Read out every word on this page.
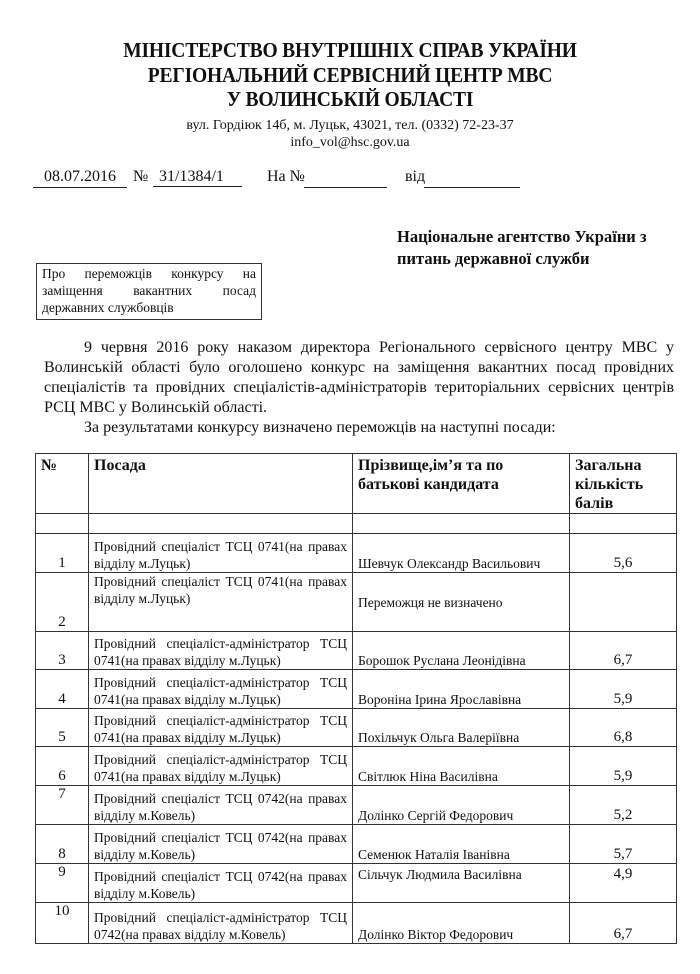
МІНІСТЕРСТВО ВНУТРІШНІХ СПРАВ УКРАЇНИ
РЕГІОНАЛЬНИЙ СЕРВІСНИЙ ЦЕНТР МВС
У ВОЛИНСЬКІЙ ОБЛАСТІ
вул. Гордіюк 14б, м. Луцьк, 43021, тел. (0332) 72-23-37
info_vol@hsc.gov.ua
08.07.2016	№ 31/1384/1	На №	від
Національне агентство України з
питань державної служби
Про переможців конкурсу на
заміщення вакантних посад
державних службовців
9 червня 2016 року наказом директора Регіонального сервісного центру МВС у Волинській області було оголошено конкурс на заміщення вакантних посад провідних спеціалістів та провідних спеціалістів-адміністраторів територіальних сервісних центрів РСЦ МВС у Волинській області.
За результатами конкурсу визначено переможців на наступні посади:
№	Посада	Прізвище,ім’я та по батькові кандидата	Загальна кількість балів

1	Провідний спеціаліст ТСЦ 0741(на правах відділу м.Луцьк)	Шевчук Олександр Васильович	5,6
2	Провідний спеціаліст ТСЦ 0741(на правах відділу м.Луцьк)	Переможця не визначено	
3	Провідний спеціаліст-адміністратор ТСЦ 0741(на правах відділу м.Луцьк)	Борошок Руслана Леонідівна	6,7
4	Провідний спеціаліст-адміністратор ТСЦ 0741(на правах відділу м.Луцьк)	Вороніна Ірина Ярославівна	5,9
5	Провідний спеціаліст-адміністратор ТСЦ 0741(на правах відділу м.Луцьк)	Похільчук Ольга Валеріївна	6,8
6	Провідний спеціаліст-адміністратор ТСЦ 0741(на правах відділу м.Луцьк)	Світлюк Ніна Василівна	5,9
7	Провідний спеціаліст ТСЦ 0742(на правах відділу м.Ковель)	Долінко Сергій Федорович	5,2
8	Провідний спеціаліст ТСЦ 0742(на правах відділу м.Ковель)	Семенюк Наталія Іванівна	5,7
9	Провідний спеціаліст ТСЦ 0742(на правах відділу м.Ковель)	Сільчук Людмила Василівна	4,9
10	Провідний спеціаліст-адміністратор ТСЦ 0742(на правах відділу м.Ковель)	Долінко Віктор Федорович	6,7
